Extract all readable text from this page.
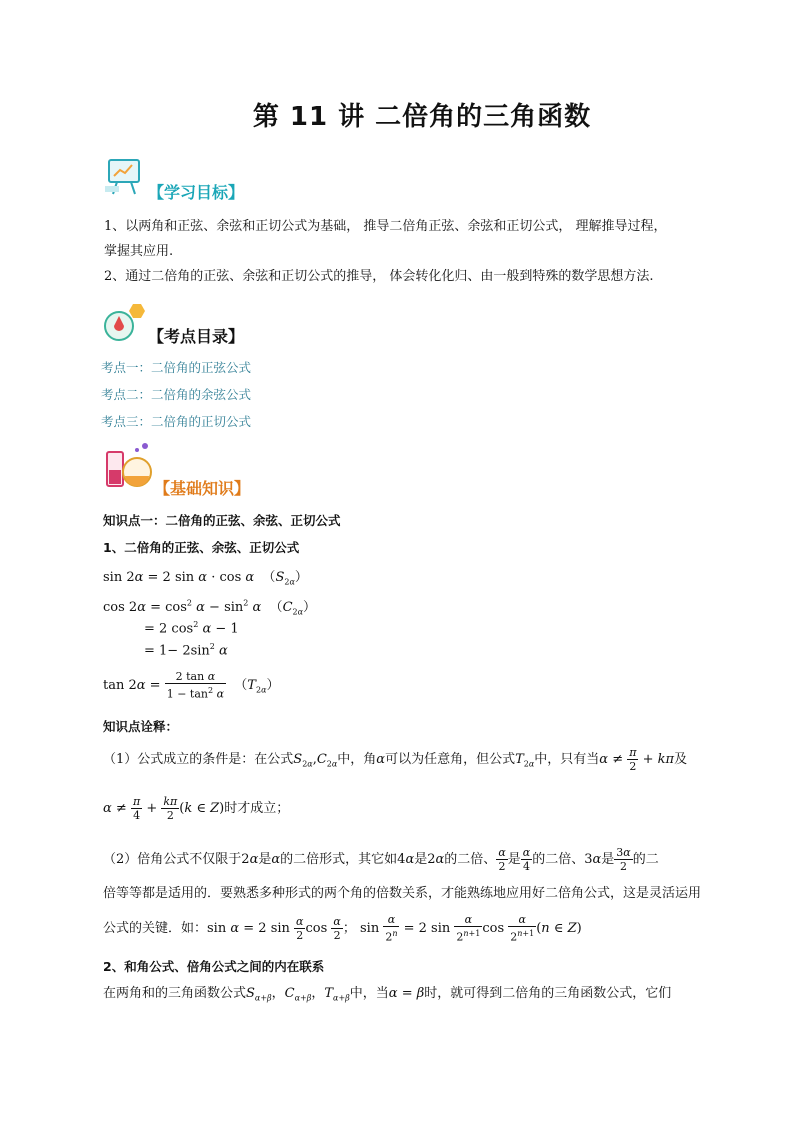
第 11 讲 二倍角的三角函数
【学习目标】
1、以两角和正弦、余弦和正切公式为基础， 推导二倍角正弦、余弦和正切公式， 理解推导过程，
掌握其应用.
2、通过二倍角的正弦、余弦和正切公式的推导， 体会转化化归、由一般到特殊的数学思想方法.
【考点目录】
考点一：二倍角的正弦公式
考点二：二倍角的余弦公式
考点三：二倍角的正切公式
【基础知识】
知识点一：二倍角的正弦、余弦、正切公式
1、二倍角的正弦、余弦、正切公式
sin 2α = 2 sin α · cos α  $(S_{2\alpha})$
$\cos 2\alpha = \cos^2 \alpha - \sin^2 \alpha$  $(C_{2\alpha})$
= 2 $\cos^2 \alpha - 1$
= $1- 2\sin^2$ α
$\tan 2\alpha = \frac{\text{2 tan α}}{1 - \tan^2 \alpha} (T_{2\alpha})$
知识点诠释：
（1）公式成立的条件是：在公式$S_{2\alpha},C_{2\alpha}$中，角α可以为任意角，但公式$T_{2\alpha}$中，只有当$\alpha \ne \frac{\pi}{2} + k\pi$及
$\alpha \ne \frac{\pi}{4} + \frac{k\pi}{2} (k$ ∈ Z)时才成立；
（2）倍角公式不仅限于2α是α的二倍形式，其它如4α是2α的二倍、 $\frac{\alpha}{2}$ 是 $\frac{\alpha}{4}$ 的二倍、3α是 $\frac{3\alpha}{2}$ 的二
倍等等都是适用的．要熟悉多种形式的两个角的倍数关系，才能熟练地应用好二倍角公式，这是灵活运用
公式的关键．如：sin α = 2 $\sin \frac{\alpha}{2}$ $\cos \frac{\alpha}{2}$ ； $\sin \frac{\alpha}{2^n} = 2$ $\sin \frac{\alpha}{2^{n+1}}$ $\cos \frac{\alpha}{2^{n+1}} (n$ ∈ Z)
2、和角公式、倍角公式之间的内在联系
在两角和的三角函数公式$S_{\alpha+\beta}$，$C_{\alpha+\beta}$，$T_{\alpha+\beta}$中，当α = β时，就可得到二倍角的三角函数公式，它们
